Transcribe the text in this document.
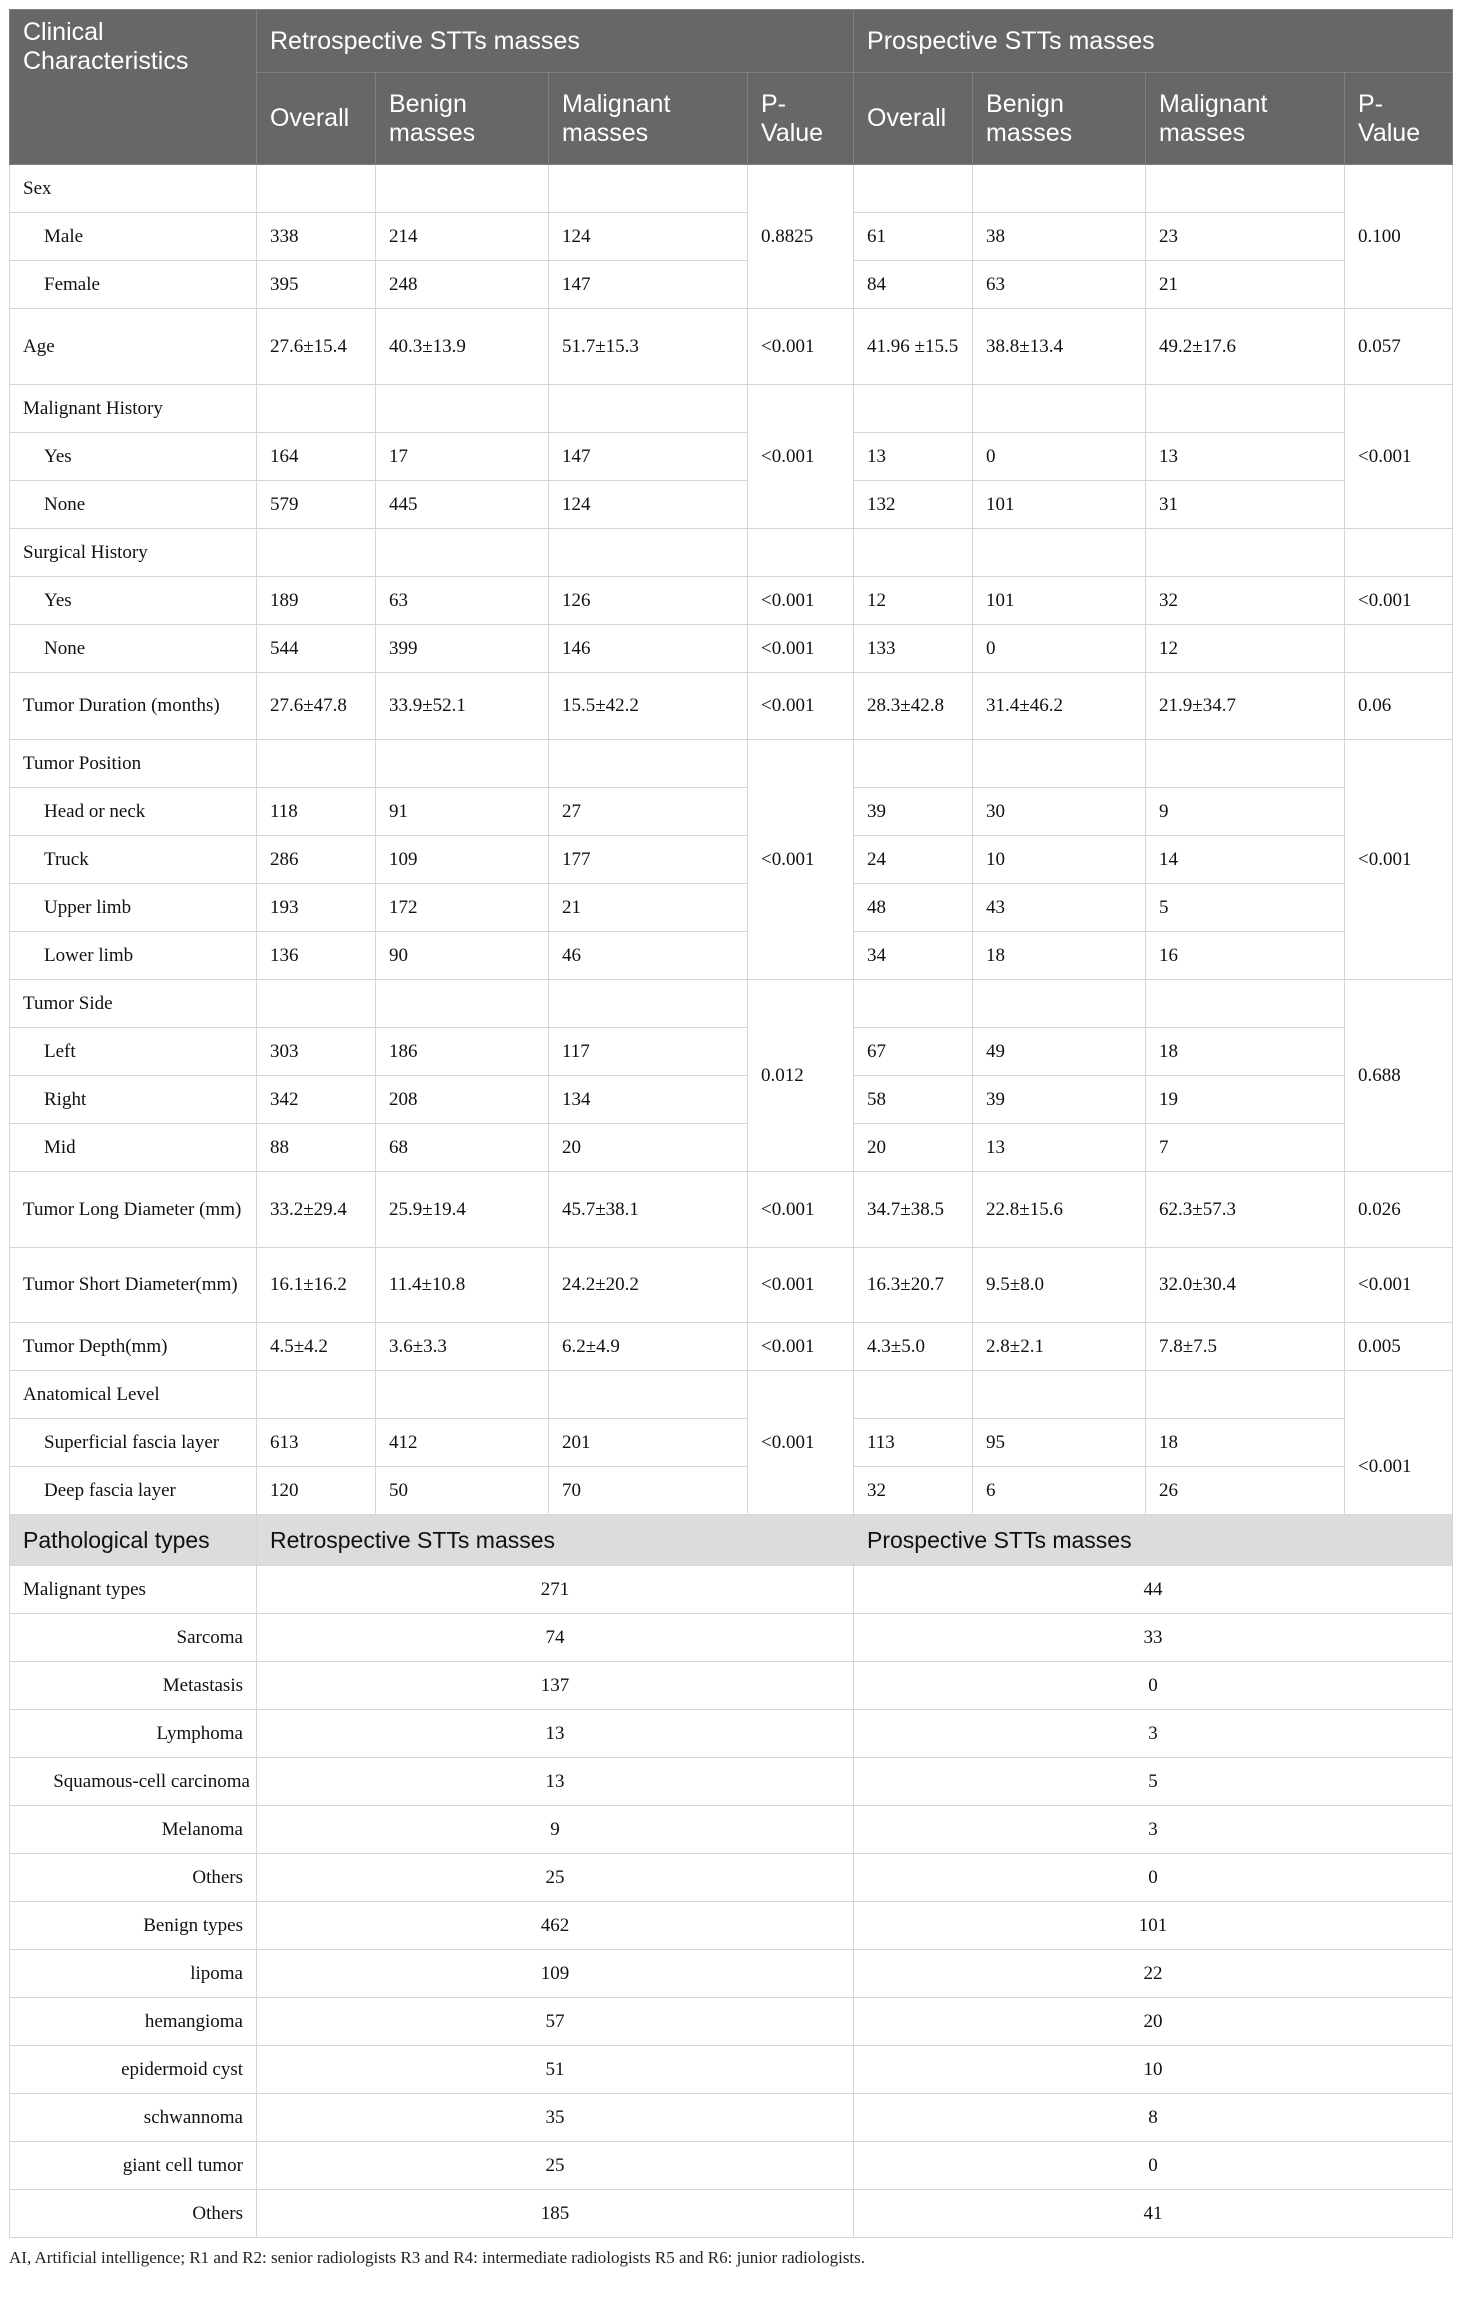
Clinical Characteristics	Retrospective STTs masses				Prospective STTs masses			
	Overall	Benign masses	Malignant masses	P-Value	Overall	Benign masses	Malignant masses	P-Value
Sex				0.8825				0.100
Male	338	214	124		61	38	23	
Female	395	248	147		84	63	21	
Age	27.6±15.4	40.3±13.9	51.7±15.3	<0.001	41.96 ±15.5	38.8±13.4	49.2±17.6	0.057
Malignant History				<0.001				<0.001
Yes	164	17	147		13	0	13	
None	579	445	124		132	101	31	
Surgical History								
Yes	189	63	126	<0.001	12	101	32	<0.001
None	544	399	146	<0.001	133	0	12	
Tumor Duration (months)	27.6±47.8	33.9±52.1	15.5±42.2	<0.001	28.3±42.8	31.4±46.2	21.9±34.7	0.06
Tumor Position				<0.001				<0.001
Head or neck	118	91	27		39	30	9	
Truck	286	109	177		24	10	14	
Upper limb	193	172	21		48	43	5	
Lower limb	136	90	46		34	18	16	
Tumor Side				0.012				0.688
Left	303	186	117		67	49	18	
Right	342	208	134		58	39	19	
Mid	88	68	20		20	13	7	
Tumor Long Diameter (mm)	33.2±29.4	25.9±19.4	45.7±38.1	<0.001	34.7±38.5	22.8±15.6	62.3±57.3	0.026
Tumor Short Diameter(mm)	16.1±16.2	11.4±10.8	24.2±20.2	<0.001	16.3±20.7	9.5±8.0	32.0±30.4	<0.001
Tumor Depth(mm)	4.5±4.2	3.6±3.3	6.2±4.9	<0.001	4.3±5.0	2.8±2.1	7.8±7.5	0.005
Anatomical Level				<0.001				<0.001
Superficial fascia layer	613	412	201		113	95	18	
Deep fascia layer	120	50	70		32	6	26	
Pathological types	Retrospective STTs masses				Prospective STTs masses			
Malignant types	271				44			
Sarcoma	74				33			
Metastasis	137				0			
Lymphoma	13				3			
Squamous-cell carcinoma	13				5			
Melanoma	9				3			
Others	25				0			
Benign types	462				101			
lipoma	109				22			
hemangioma	57				20			
epidermoid cyst	51				10			
schwannoma	35				8			
giant cell tumor	25				0			
Others	185				41			
AI, Artificial intelligence; R1 and R2: senior radiologists R3 and R4: intermediate radiologists R5 and R6: junior radiologists.
